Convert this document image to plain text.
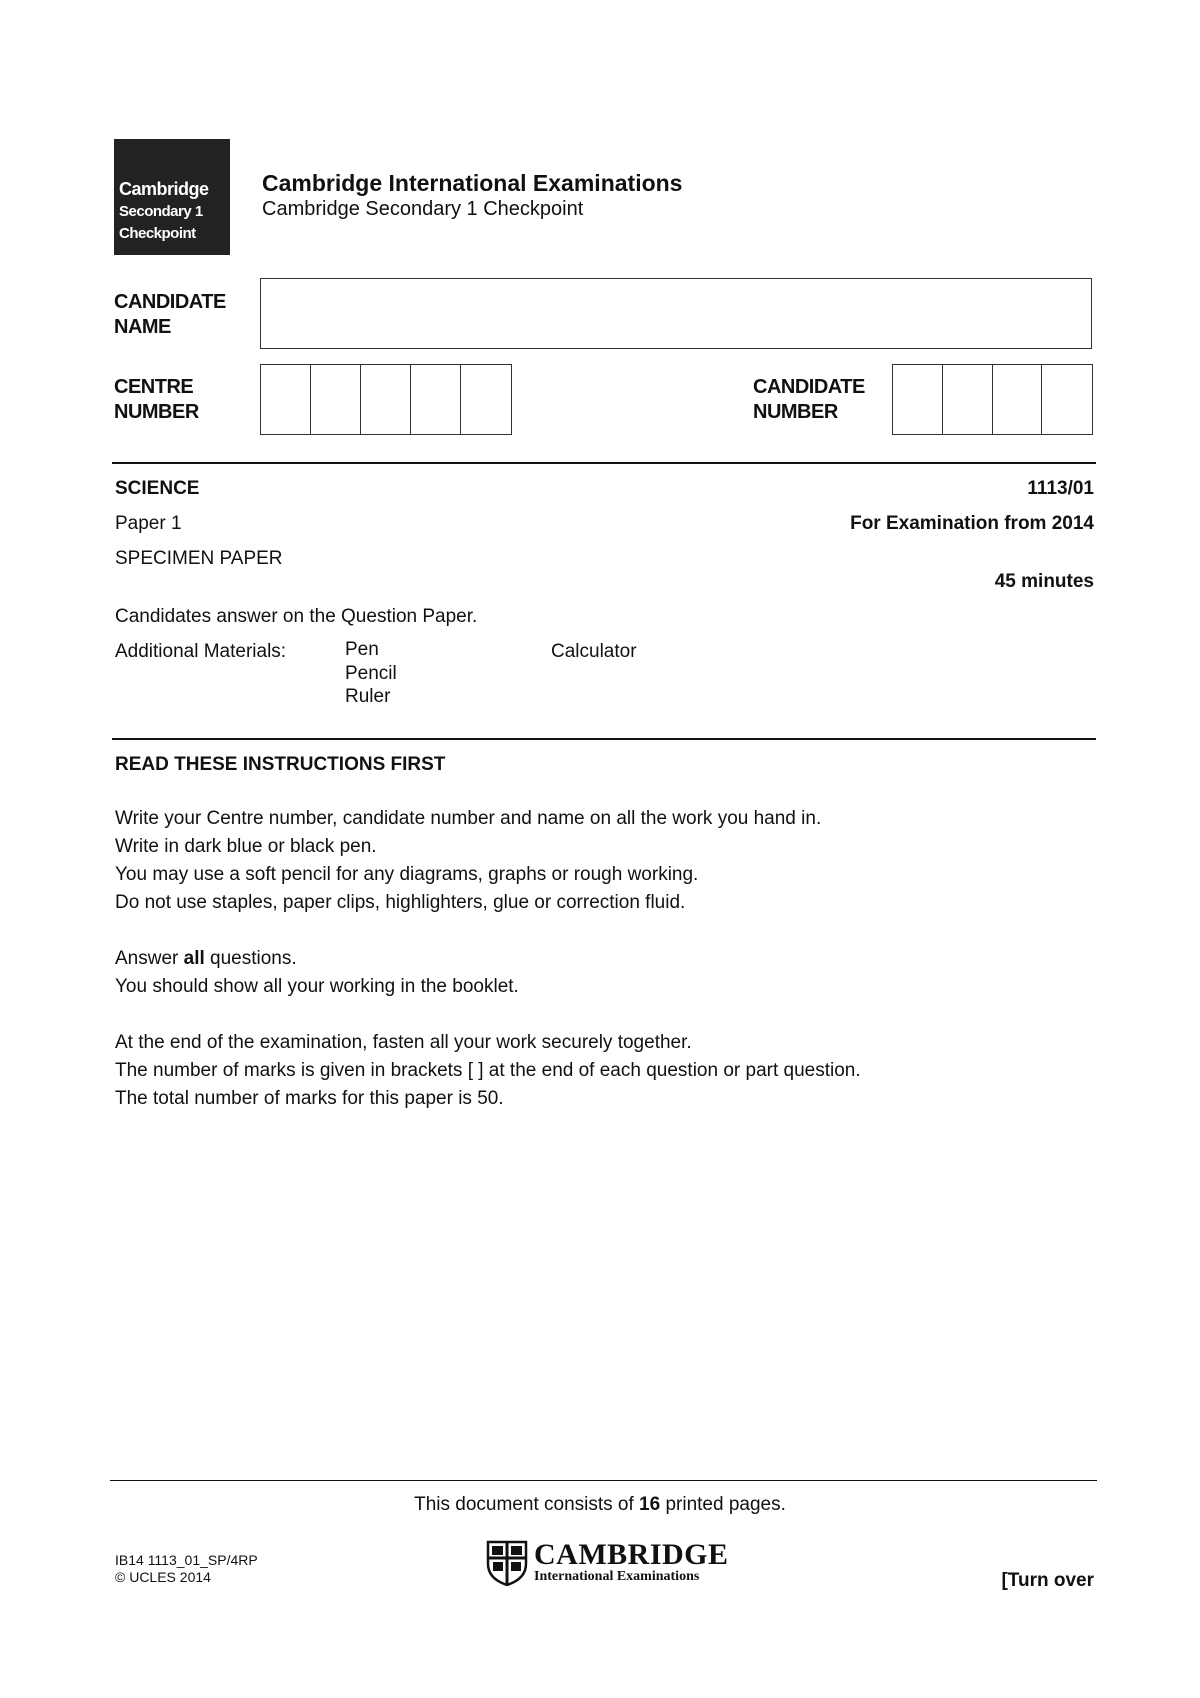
Cambridge
Secondary 1
Checkpoint
Cambridge International Examinations
Cambridge Secondary 1 Checkpoint
CANDIDATE
NAME
CENTRE
NUMBER
CANDIDATE
NUMBER
SCIENCE	1113/01
Paper 1	For Examination from 2014
SPECIMEN PAPER
45 minutes
Candidates answer on the Question Paper.
Additional Materials:	Pen
Pencil
Ruler
Calculator
READ THESE INSTRUCTIONS FIRST

Write your Centre number, candidate number and name on all the work you hand in.
Write in dark blue or black pen.
You may use a soft pencil for any diagrams, graphs or rough working.
Do not use staples, paper clips, highlighters, glue or correction fluid.

Answer all questions.
You should show all your working in the booklet.

At the end of the examination, fasten all your work securely together.
The number of marks is given in brackets [ ] at the end of each question or part question.
The total number of marks for this paper is 50.

This document consists of 16 printed pages.
IB14 1113_01_SP/4RP
© UCLES 2014
CAMBRIDGE
International Examinations	[Turn over
